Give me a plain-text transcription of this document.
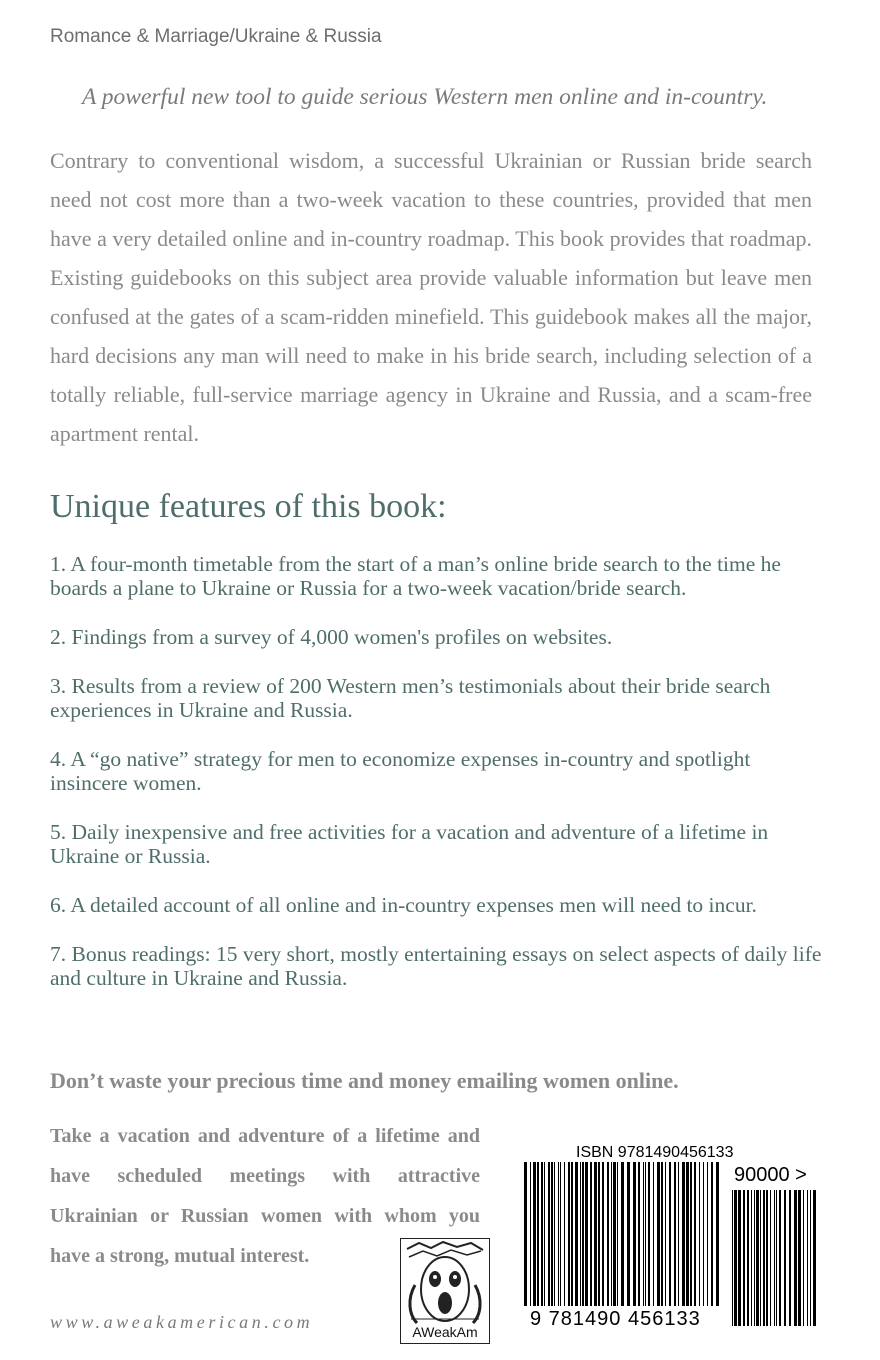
Romance & Marriage/Ukraine & Russia
A powerful new tool to guide serious Western men online and in-country.

Contrary to conventional wisdom, a successful Ukrainian or Russian bride search need not cost more than a two-week vacation to these countries, provided that men have a very detailed online and in-country roadmap. This book provides that roadmap. Existing guidebooks on this subject area provide valuable information but leave men confused at the gates of a scam-ridden minefield. This guidebook makes all the major, hard decisions any man will need to make in his bride search, including selection of a totally reliable, full-service marriage agency in Ukraine and Russia, and a scam-free apartment rental.

Unique features of this book:
1. A four-month timetable from the start of a man’s online bride search to the time he boards a plane to Ukraine or Russia for a two-week vacation/bride search.
2. Findings from a survey of 4,000 women's profiles on websites.
3. Results from a review of 200 Western men’s testimonials about their bride search experiences in Ukraine and Russia.
4. A “go native” strategy for men to economize expenses in-country and spotlight insincere women.
5. Daily inexpensive and free activities for a vacation and adventure of a lifetime in Ukraine or Russia.
6. A detailed account of all online and in-country expenses men will need to incur.
7. Bonus readings: 15 very short, mostly entertaining essays on select aspects of daily life and culture in Ukraine and Russia.
Don’t waste your precious time and money emailing women online.

Take a vacation and adventure of a lifetime and have scheduled meetings with attractive Ukrainian or Russian women with whom you have a strong, mutual interest.

www.aweakamerican.com	AWeakAm
ISBN 9781490456133
9 781490 456133
90000 >
